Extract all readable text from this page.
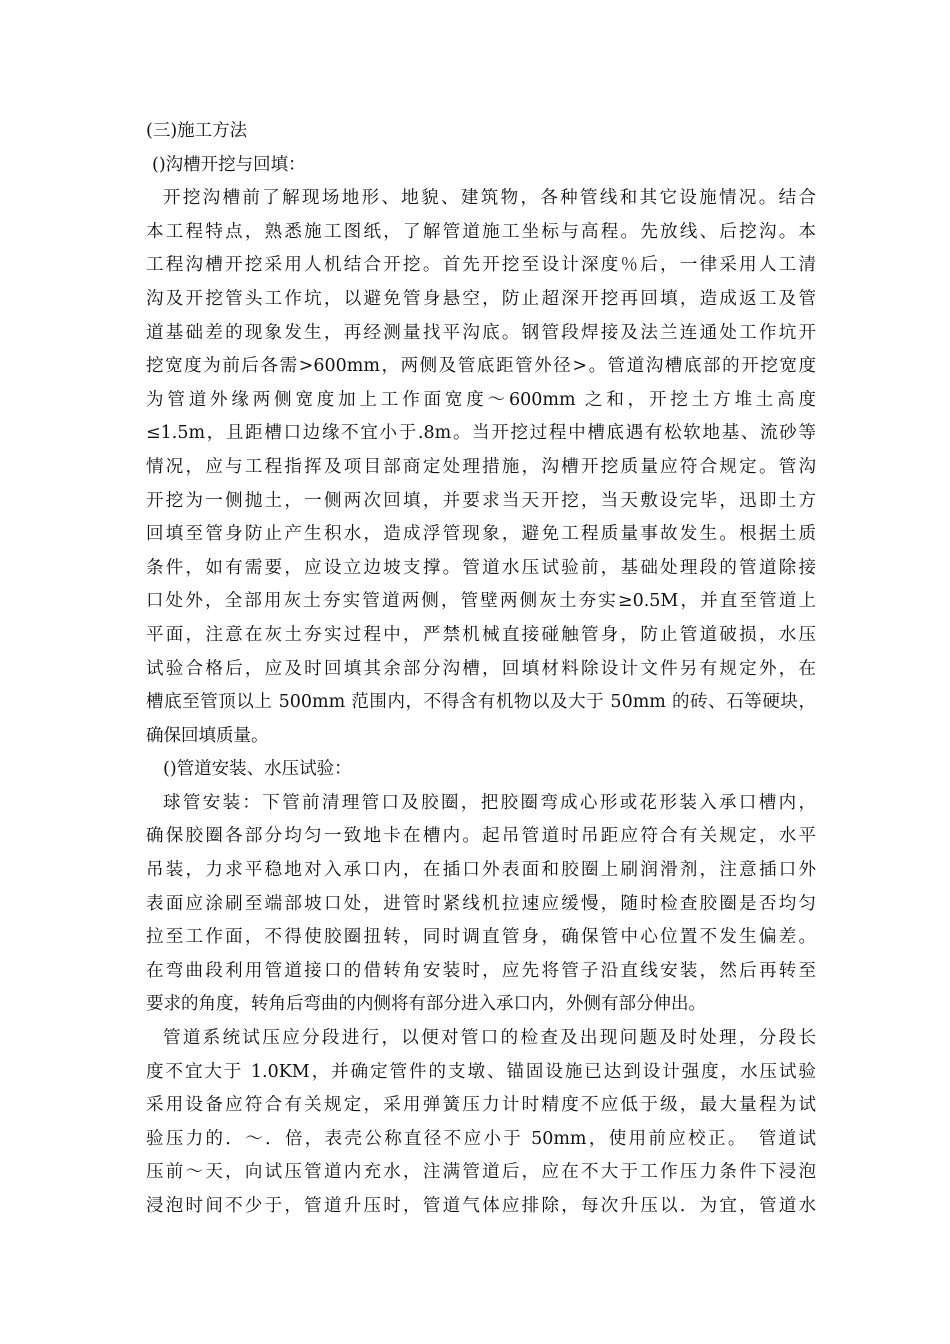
(三)施工方法
()沟槽开挖与回填：
开挖沟槽前了解现场地形、地貌、建筑物，各种管线和其它设施情况。结合
本工程特点，熟悉施工图纸，了解管道施工坐标与高程。先放线、后挖沟。本
工程沟槽开挖采用人机结合开挖。首先开挖至设计深度％后，一律采用人工清
沟及开挖管头工作坑，以避免管身悬空，防止超深开挖再回填，造成返工及管
道基础差的现象发生，再经测量找平沟底。钢管段焊接及法兰连通处工作坑开
挖宽度为前后各需>600mm，两侧及管底距管外径>。管道沟槽底部的开挖宽度
为管道外缘两侧宽度加上工作面宽度～600mm 之和，开挖土方堆土高度
≤1.5m，且距槽口边缘不宜小于.8m。当开挖过程中槽底遇有松软地基、流砂等
情况，应与工程指挥及项目部商定处理措施，沟槽开挖质量应符合规定。管沟
开挖为一侧抛土，一侧两次回填，并要求当天开挖，当天敷设完毕，迅即土方
回填至管身防止产生积水，造成浮管现象，避免工程质量事故发生。根据土质
条件，如有需要，应设立边坡支撑。管道水压试验前，基础处理段的管道除接
口处外，全部用灰土夯实管道两侧，管壁两侧灰土夯实≥0.5M，并直至管道上
平面，注意在灰土夯实过程中，严禁机械直接碰触管身，防止管道破损，水压
试验合格后，应及时回填其余部分沟槽，回填材料除设计文件另有规定外，在
槽底至管顶以上 500mm 范围内，不得含有机物以及大于 50mm 的砖、石等硬块，
确保回填质量。
()管道安装、水压试验：
球管安装：下管前清理管口及胶圈，把胶圈弯成心形或花形装入承口槽内，
确保胶圈各部分均匀一致地卡在槽内。起吊管道时吊距应符合有关规定，水平
吊装，力求平稳地对入承口内，在插口外表面和胶圈上刷润滑剂，注意插口外
表面应涂刷至端部坡口处，进管时紧线机拉速应缓慢，随时检查胶圈是否均匀
拉至工作面，不得使胶圈扭转，同时调直管身，确保管中心位置不发生偏差。
在弯曲段利用管道接口的借转角安装时，应先将管子沿直线安装，然后再转至
要求的角度，转角后弯曲的内侧将有部分进入承口内，外侧有部分伸出。
管道系统试压应分段进行，以便对管口的检查及出现问题及时处理，分段长
度不宜大于 1.0KM，并确定管件的支墩、锚固设施已达到设计强度，水压试验
采用设备应符合有关规定，采用弹簧压力计时精度不应低于级，最大量程为试
验压力的．～．倍，表壳公称直径不应小于 50mm，使用前应校正。　管道试
压前～天，向试压管道内充水，注满管道后，应在不大于工作压力条件下浸泡
浸泡时间不少于，管道升压时，管道气体应排除，每次升压以．为宜，管道水
